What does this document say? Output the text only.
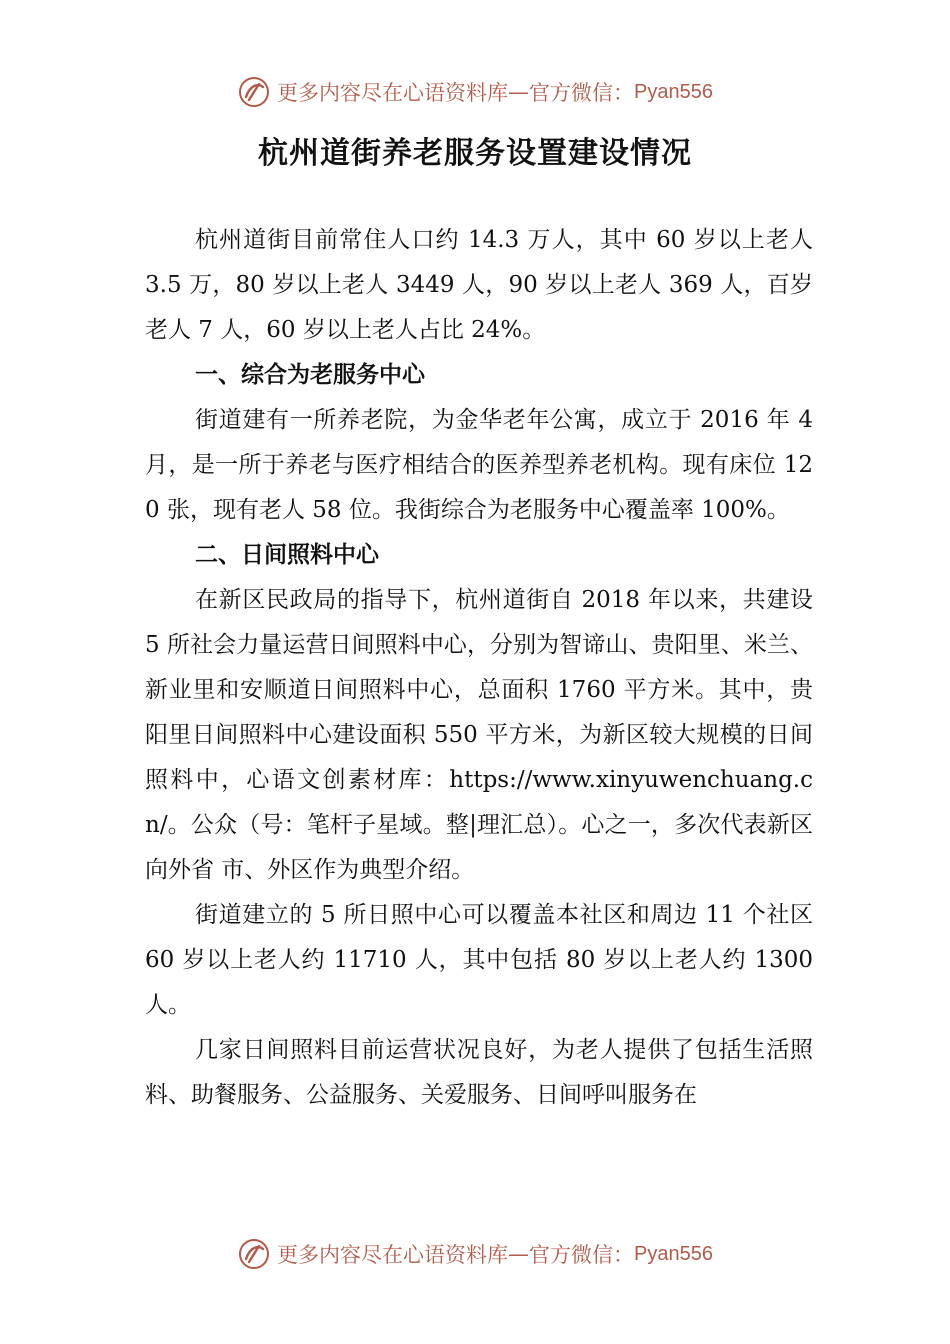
更多内容尽在心语资料库 — 官方微信： Pyan556
杭州道街养老服务设置建设情况

杭州道街目前常住人口约 14.3 万人，其中 60 岁以上老人 3.5 万，80 岁以上老人 3449 人，90 岁以上老人 369 人，百岁老人 7 人，60 岁以上老人占比 24%。

一、综合为老服务中心

街道建有一所养老院，为金华老年公寓，成立于 2016 年 4 月，是一所于养老与医疗相结合的医养型养老机构。现有床位 120 张，现有老人 58 位。我街综合为老服务中心覆盖率 100%。

二、日间照料中心

在新区民政局的指导下，杭州道街自 2018 年以来，共建设 5 所社会力量运营日间照料中心，分别为智谛山、贵阳里、米兰、新业里和安顺道日间照料中心，总面积 1760 平方米。其中，贵阳里日间照料中心建设面积 550 平方米，为新区较大规模的日间照料中，心语文创素材库：https://www.xinyuwenchuang.cn/。公众（号：笔杆子星域。整|理汇总）。心之一，多次代表新区向外省 市、外区作为典型介绍。

街道建立的 5 所日照中心可以覆盖本社区和周边 11 个社区 60 岁以上老人约 11710 人，其中包括 80 岁以上老人约 1300 人。

几家日间照料目前运营状况良好，为老人提供了包括生活照料、助餐服务、公益服务、关爱服务、日间呼叫服务在

更多内容尽在心语资料库 — 官方微信： Pyan556
